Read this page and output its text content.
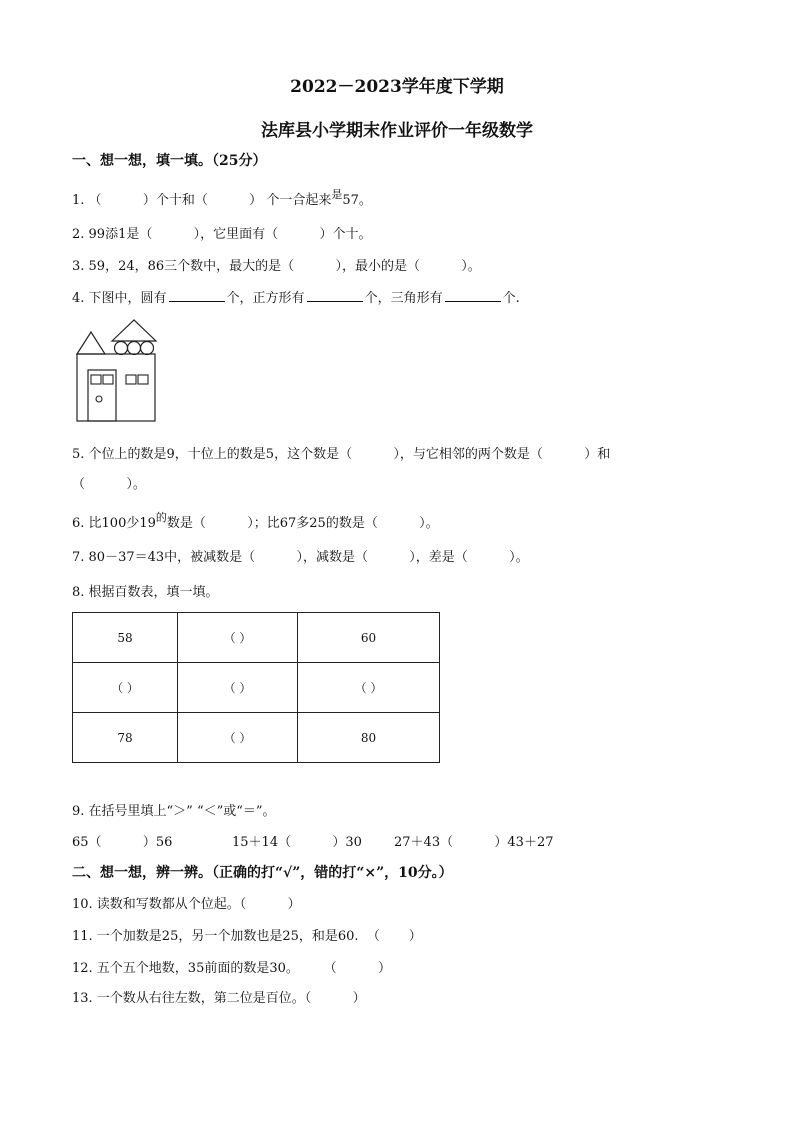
2022－2023学年度下学期
法库县小学期末作业评价一年级数学
一、想一想，填一填。（25分）
1. （          ）个十和（          ） 个一合起来$^是$57。
2. 99添1是（          ），它里面有（          ）个十。
3. 59，24，86三个数中，最大的是（          ），最小的是（          ）。
4. 下图中，圆有	个，正方形有	个，三角形有	个.
5. 个位上的数是9，十位上的数是5，这个数是（          ），与它相邻的两个数是（          ）和
（          ）。
6. 比100少$19^的$数是（          ）；比67多25的数是（          ）。
7. 80－37＝43中，被减数是（          ），减数是（          ），差是（          ）。
8. 根据百数表，填一填。
58	（ ）	60
（ ）	（ ）	（ ）
78	（ ）	80
9. 在括号里填上“＞” “＜”或“＝”。
65（          ）56	15＋14（          ）30 27＋43（          ）43＋27
二、想一想，辨一辨。（正确的打“√”，错的打“×”，10分。）
10. 读数和写数都从个位起。（          ）
11. 一个加数是25，另一个加数也是25，和是60.  （       ）
12. 五个五个地数，35前面的数是30。      （          ）
13. 一个数从右往左数，第二位是百位。（          ）
